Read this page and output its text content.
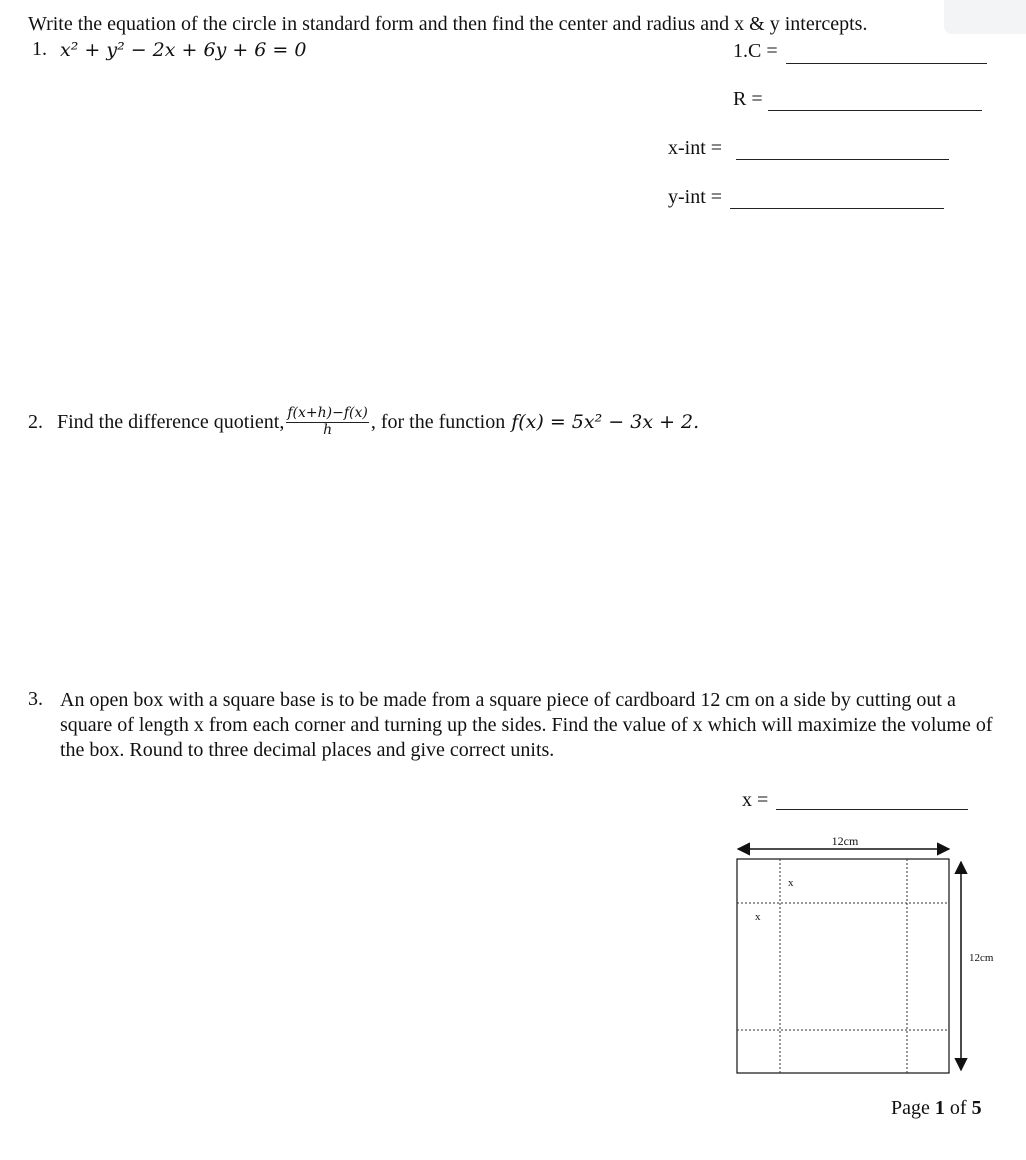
Write the equation of the circle in standard form and then find the center and radius and x & y intercepts.
1. x² + y² − 2x + 6y + 6 = 0	1.C =
R =
x-int =
y-int =
2. Find the difference quotient, $\frac{f(x+h)-f(x)}{h}$ , for the function f(x) = 5x² − 3x + 2.
3. An open box with a square base is to be made from a square piece of cardboard 12 cm on a side by cutting out a square of length x from each corner and turning up the sides. Find the value of x which will maximize the volume of the box. Round to three decimal places and give correct units.
x =
12cm
12cm
x
x
Page 1 of 5
